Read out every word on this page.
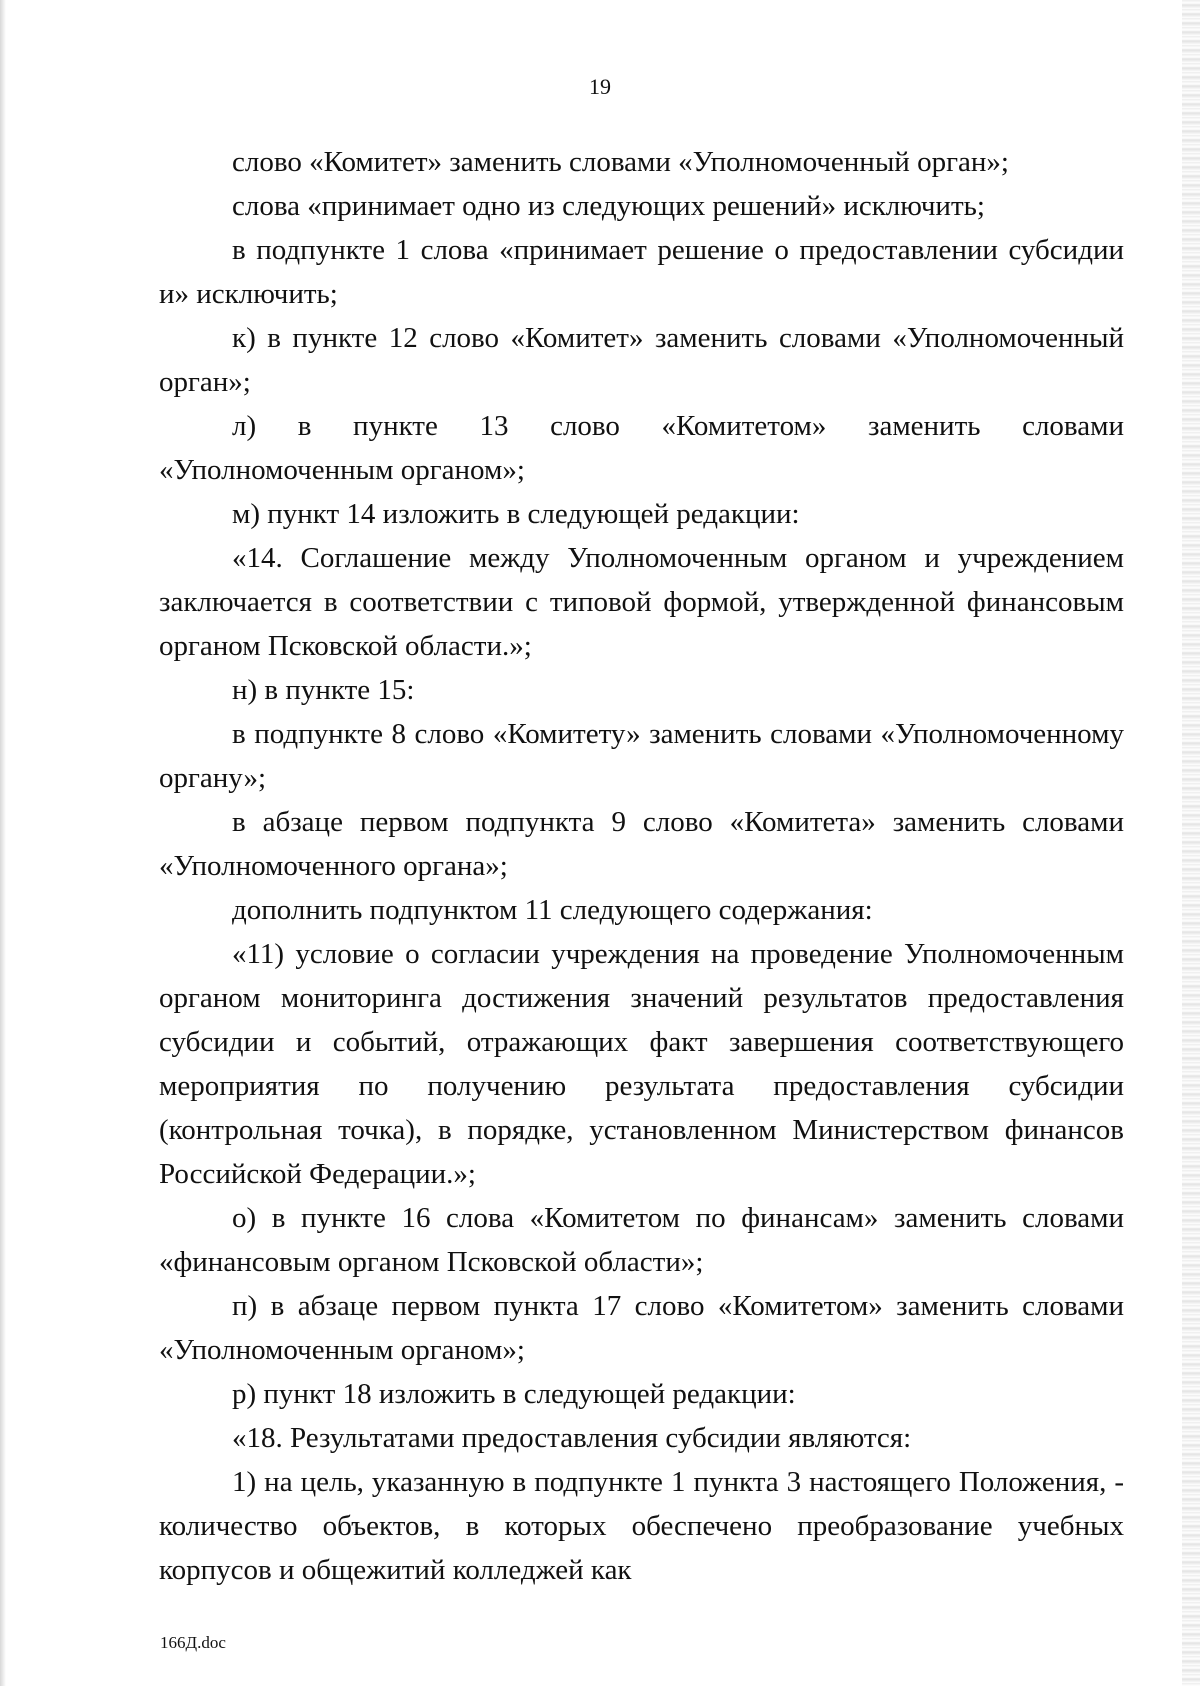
19

слово «Комитет» заменить словами «Уполномоченный орган»;

слова «принимает одно из следующих решений» исключить;

в подпункте 1 слова «принимает решение о предоставлении субсидии и» исключить;

к) в пункте 12 слово «Комитет» заменить словами «Уполномоченный орган»;

л) в пункте 13 слово «Комитетом» заменить словами «Уполномоченным органом»;

м) пункт 14 изложить в следующей редакции:

«14. Соглашение между Уполномоченным органом и учреждением заключается в соответствии с типовой формой, утвержденной финансовым органом Псковской области.»;

н) в пункте 15:

в подпункте 8 слово «Комитету» заменить словами «Уполномоченному органу»;

в абзаце первом подпункта 9 слово «Комитета» заменить словами «Уполномоченного органа»;

дополнить подпунктом 11 следующего содержания:

«11) условие о согласии учреждения на проведение Уполномоченным органом мониторинга достижения значений результатов предоставления субсидии и событий, отражающих факт завершения соответствующего мероприятия по получению результата предоставления субсидии (контрольная точка), в порядке, установленном Министерством финансов Российской Федерации.»;

о) в пункте 16 слова «Комитетом по финансам» заменить словами «финансовым органом Псковской области»;

п) в абзаце первом пункта 17 слово «Комитетом» заменить словами «Уполномоченным органом»;

р) пункт 18 изложить в следующей редакции:

«18. Результатами предоставления субсидии являются:

1) на цель, указанную в подпункте 1 пункта 3 настоящего Положения, - количество объектов, в которых обеспечено преобразование учебных корпусов и общежитий колледжей как

166Д.doc
